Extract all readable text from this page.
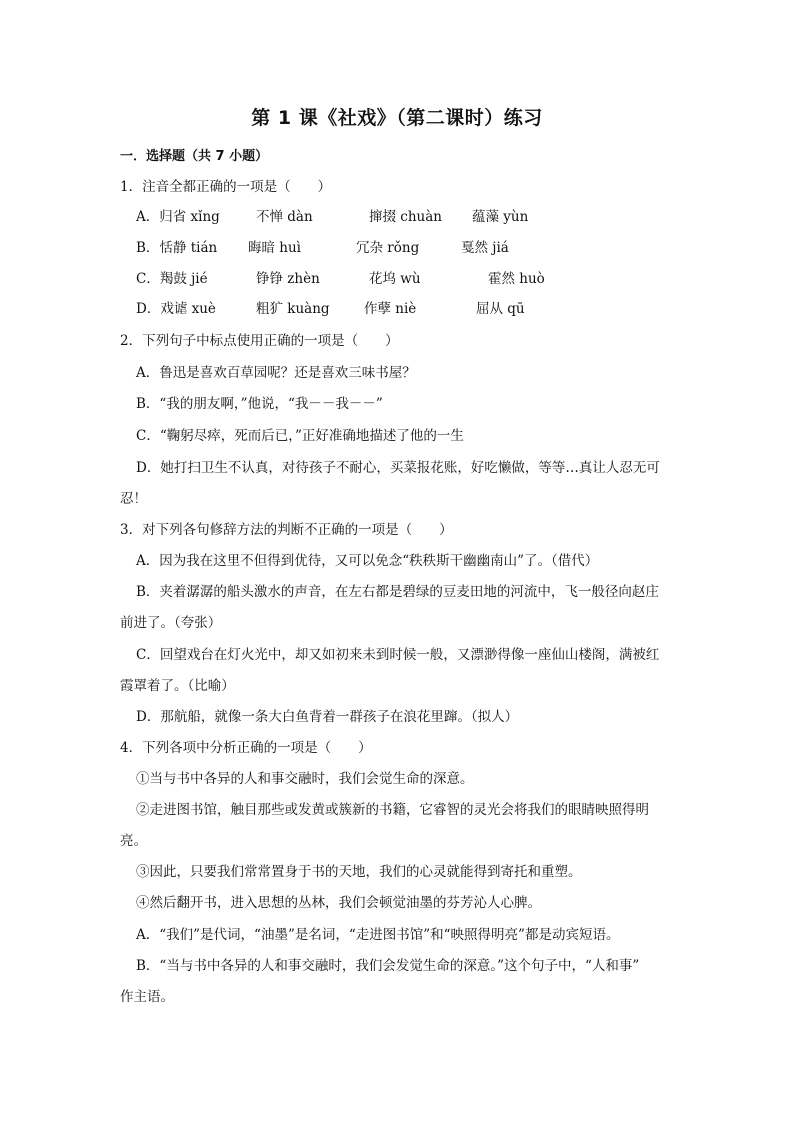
第 1 课《社戏》（第二课时）练习
一．选择题（共 7 小题）
1．注音全都正确的一项是（　　）
A．归省 xǐng	不惮 dàn	撺掇 chuàn 蕴藻 yùn
B．恬静 tián 晦暗 huì	冗杂 rǒng	戛然 jiá
C．羯鼓 jié	铮铮 zhèn	花坞 wù	霍然 huò
D．戏谑 xuè	粗犷 kuàng	作孽 niè	屈从 qū
2．下列句子中标点使用正确的一项是（　　）
A．鲁迅是喜欢百草园呢？还是喜欢三味书屋？
B．“我的朋友啊，”他说，“我－－我－－”
C．“鞠躬尽瘁，死而后已，”正好准确地描述了他的一生
D．她打扫卫生不认真，对待孩子不耐心，买菜报花账，好吃懒做，等等…真让人忍无可
忍！
3．对下列各句修辞方法的判断不正确的一项是（　　）
A．因为我在这里不但得到优待，又可以免念“秩秩斯干幽幽南山”了。（借代）
B．夹着潺潺的船头激水的声音，在左右都是碧绿的豆麦田地的河流中，飞一般径向赵庄
前进了。（夸张）
C．回望戏台在灯火光中，却又如初来未到时候一般，又漂渺得像一座仙山楼阁，满被红
霞罩着了。（比喻）
D．那航船，就像一条大白鱼背着一群孩子在浪花里蹿。（拟人）
4．下列各项中分析正确的一项是（　　）
①当与书中各异的人和事交融时，我们会觉生命的深意。
②走进图书馆，触目那些或发黄或簇新的书籍，它睿智的灵光会将我们的眼睛映照得明
亮。
③因此，只要我们常常置身于书的天地，我们的心灵就能得到寄托和重塑。
④然后翻开书，进入思想的丛林，我们会顿觉油墨的芬芳沁人心脾。
A．“我们”是代词，“油墨”是名词，“走进图书馆”和“映照得明亮”都是动宾短语。
B．“当与书中各异的人和事交融时，我们会发觉生命的深意。”这个句子中，“人和事”
作主语。
